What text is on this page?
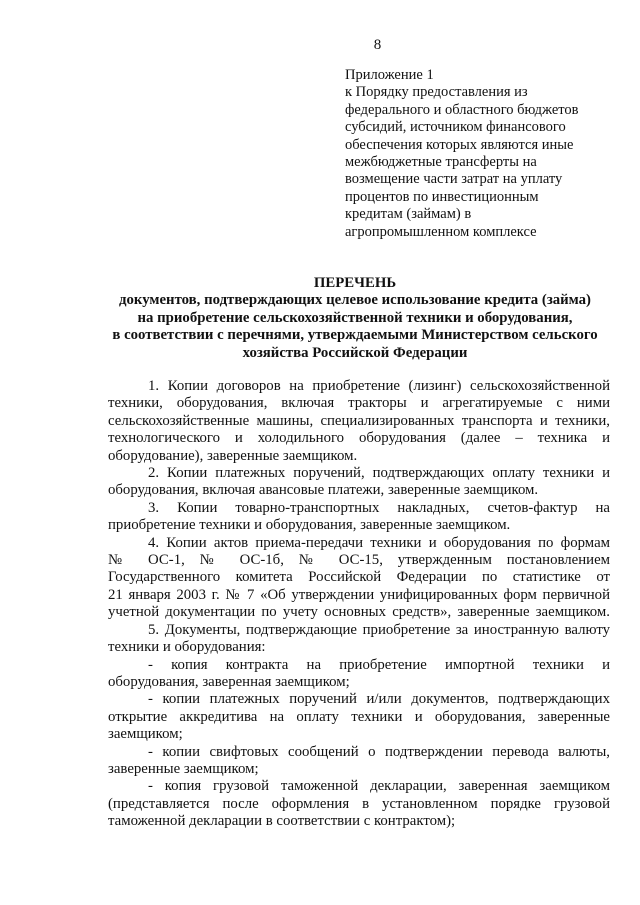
8
Приложение 1
к Порядку предоставления из
федерального и областного бюджетов
субсидий, источником финансового
обеспечения которых являются иные
межбюджетные трансферты на
возмещение части затрат на уплату
процентов по инвестиционным
кредитам (займам) в
агропромышленном комплексе
ПЕРЕЧЕНЬ
документов, подтверждающих целевое использование кредита (займа)
на приобретение сельскохозяйственной техники и оборудования,
в соответствии с перечнями, утверждаемыми Министерством сельского
хозяйства Российской Федерации
1. Копии договоров на приобретение (лизинг) сельскохозяйственной
техники, оборудования, включая тракторы и агрегатируемые с ними
сельскохозяйственные машины, специализированных транспорта и техники,
технологического и холодильного оборудования (далее – техника и
оборудование), заверенные заемщиком.
2. Копии платежных поручений, подтверждающих оплату техники и
оборудования, включая авансовые платежи, заверенные заемщиком.
3. Копии товарно-транспортных накладных, счетов-фактур на
приобретение техники и оборудования, заверенные заемщиком.
4. Копии актов приема-передачи техники и оборудования по формам
№ ОС-1, № ОС-1б, № ОС-15, утвержденным постановлением
Государственного комитета Российской Федерации по статистике от
21 января 2003 г. № 7 «Об утверждении унифицированных форм первичной
учетной документации по учету основных средств», заверенные заемщиком.
5. Документы, подтверждающие приобретение за иностранную валюту
техники и оборудования:
- копия контракта на приобретение импортной техники и
оборудования, заверенная заемщиком;
- копии платежных поручений и/или документов, подтверждающих
открытие аккредитива на оплату техники и оборудования, заверенные
заемщиком;
- копии свифтовых сообщений о подтверждении перевода валюты,
заверенные заемщиком;
- копия грузовой таможенной декларации, заверенная заемщиком
(представляется после оформления в установленном порядке грузовой
таможенной декларации в соответствии с контрактом);
